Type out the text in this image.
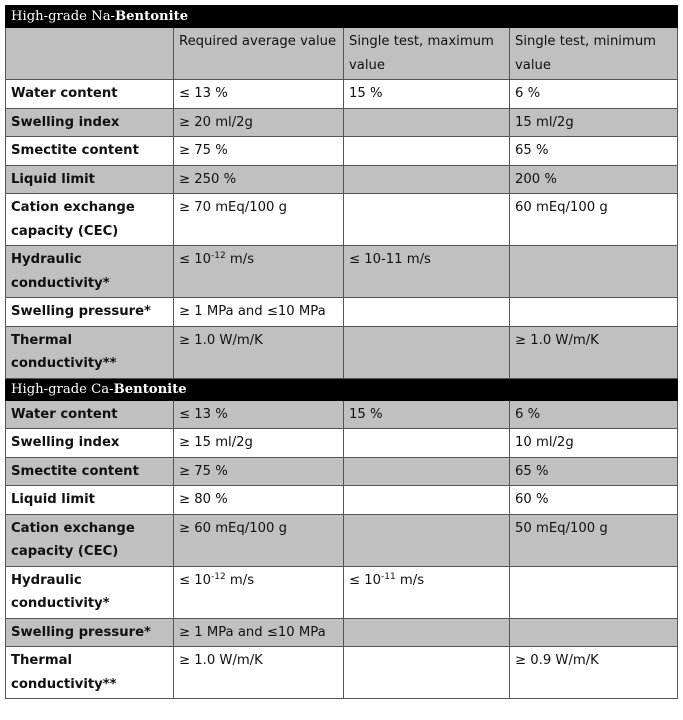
High-grade Na-Bentonite			
	Required average value	Single test, maximum value	Single test, minimum value
Water content	≤ 13 %	15 %	6 %
Swelling index	≥ 20 ml/2g		15 ml/2g
Smectite content	≥ 75 %		65 %
Liquid limit	≥ 250 %		200 %
Cation exchange capacity (CEC)	≥ 70 mEq/100 g		60 mEq/100 g
Hydraulic conductivity*	≤ $10^{-12}$ m/s	≤ 10-11 m/s	
Swelling pressure*	≥ 1 MPa and ≤10 MPa		
Thermal conductivity**	≥ 1.0 W/m/K		≥ 1.0 W/m/K
High-grade Ca-Bentonite			
Water content	≤ 13 %	15 %	6 %
Swelling index	≥ 15 ml/2g		10 ml/2g
Smectite content	≥ 75 %		65 %
Liquid limit	≥ 80 %		60 %
Cation exchange capacity (CEC)	≥ 60 mEq/100 g		50 mEq/100 g
Hydraulic conductivity*	≤ $10^{-12}$ m/s	≤ $10^{-11}$ m/s	
Swelling pressure*	≥ 1 MPa and ≤10 MPa		
Thermal conductivity**	≥ 1.0 W/m/K		≥ 0.9 W/m/K
